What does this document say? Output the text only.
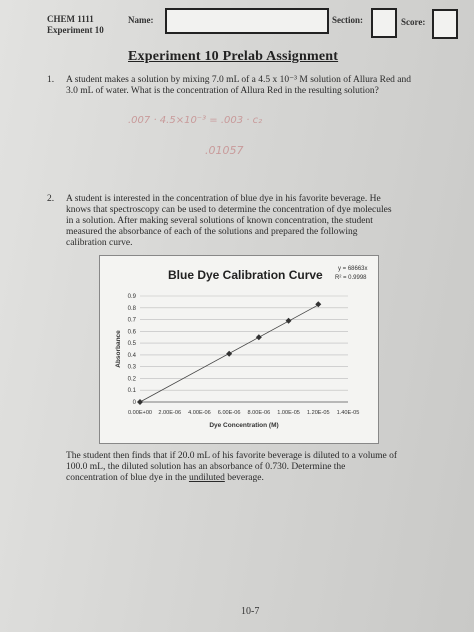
CHEM 1111
Experiment 10
Name:	Section:	Score:
Experiment 10 Prelab Assignment
1. A student makes a solution by mixing 7.0 mL of a 4.5 x 10⁻³ M solution of Allura Red and
3.0 mL of water. What is the concentration of Allura Red in the resulting solution?
.007 · 4.5×10⁻³ = .003 · c₂
.01057
2. A student is interested in the concentration of blue dye in his favorite beverage. He
knows that spectroscopy can be used to determine the concentration of dye molecules
in a solution. After making several solutions of known concentration, the student
measured the absorbance of each of the solutions and prepared the following
calibration curve.
Blue Dye Calibration Curve	y = 68663x
R² = 0.9998
0
0.1
0.2
0.3
0.4
0.5
0.6
0.7
0.8
0.9
0.00E+00 2.00E-06 4.00E-06 6.00E-06 8.00E-06 1.00E-05 1.20E-05 1.40E-05
Dye Concentration (M)
Absorbance
The student then finds that if 20.0 mL of his favorite beverage is diluted to a volume of
100.0 mL, the diluted solution has an absorbance of 0.730. Determine the
concentration of blue dye in the undiluted beverage.
10-7
